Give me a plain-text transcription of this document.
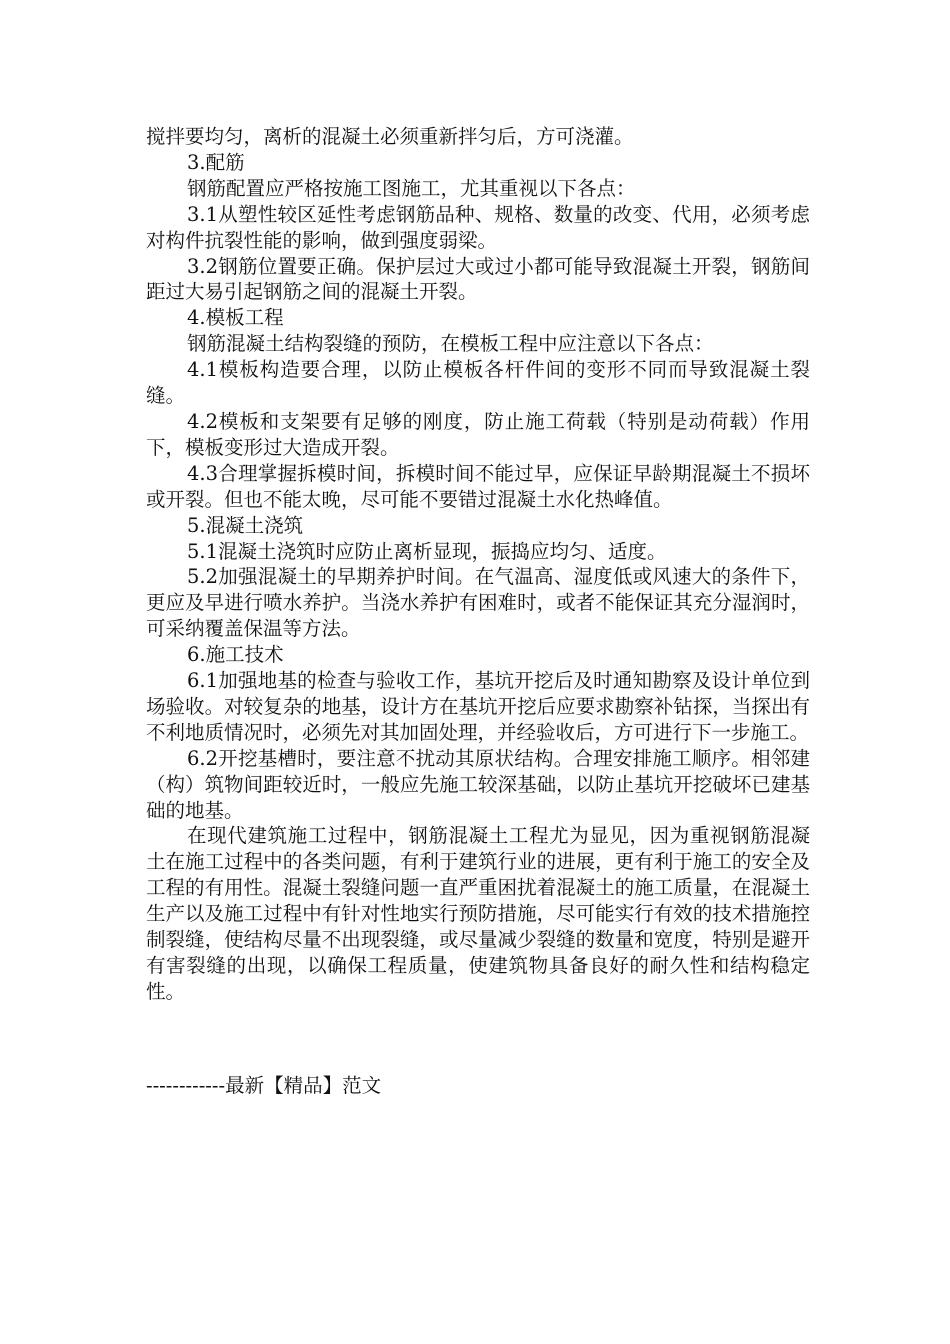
搅拌要均匀，离析的混凝土必须重新拌匀后，方可浇灌。

3.配筋

钢筋配置应严格按施工图施工，尤其重视以下各点：

3.1从塑性较区延性考虑钢筋品种、规格、数量的改变、代用，必须考虑对构件抗裂性能的影响，做到强度弱梁。

3.2钢筋位置要正确。保护层过大或过小都可能导致混凝土开裂，钢筋间距过大易引起钢筋之间的混凝土开裂。

4.模板工程

钢筋混凝土结构裂缝的预防，在模板工程中应注意以下各点：

4.1模板构造要合理，以防止模板各杆件间的变形不同而导致混凝土裂缝。

4.2模板和支架要有足够的刚度，防止施工荷载（特别是动荷载）作用下，模板变形过大造成开裂。

4.3合理掌握拆模时间，拆模时间不能过早，应保证早龄期混凝土不损坏或开裂。但也不能太晚，尽可能不要错过混凝土水化热峰值。

5.混凝土浇筑

5.1混凝土浇筑时应防止离析显现，振捣应均匀、适度。

5.2加强混凝土的早期养护时间。在气温高、湿度低或风速大的条件下，更应及早进行喷水养护。当浇水养护有困难时，或者不能保证其充分湿润时，可采纳覆盖保温等方法。

6.施工技术

6.1加强地基的检查与验收工作，基坑开挖后及时通知勘察及设计单位到场验收。对较复杂的地基，设计方在基坑开挖后应要求勘察补钻探，当探出有不利地质情况时，必须先对其加固处理，并经验收后，方可进行下一步施工。

6.2开挖基槽时，要注意不扰动其原状结构。合理安排施工顺序。相邻建（构）筑物间距较近时，一般应先施工较深基础，以防止基坑开挖破坏已建基础的地基。

在现代建筑施工过程中，钢筋混凝土工程尤为显见，因为重视钢筋混凝土在施工过程中的各类问题，有利于建筑行业的进展，更有利于施工的安全及工程的有用性。混凝土裂缝问题一直严重困扰着混凝土的施工质量，在混凝土生产以及施工过程中有针对性地实行预防措施，尽可能实行有效的技术措施控制裂缝，使结构尽量不出现裂缝，或尽量减少裂缝的数量和宽度，特别是避开有害裂缝的出现，以确保工程质量，使建筑物具备良好的耐久性和结构稳定性。

------------最新【精品】范文
